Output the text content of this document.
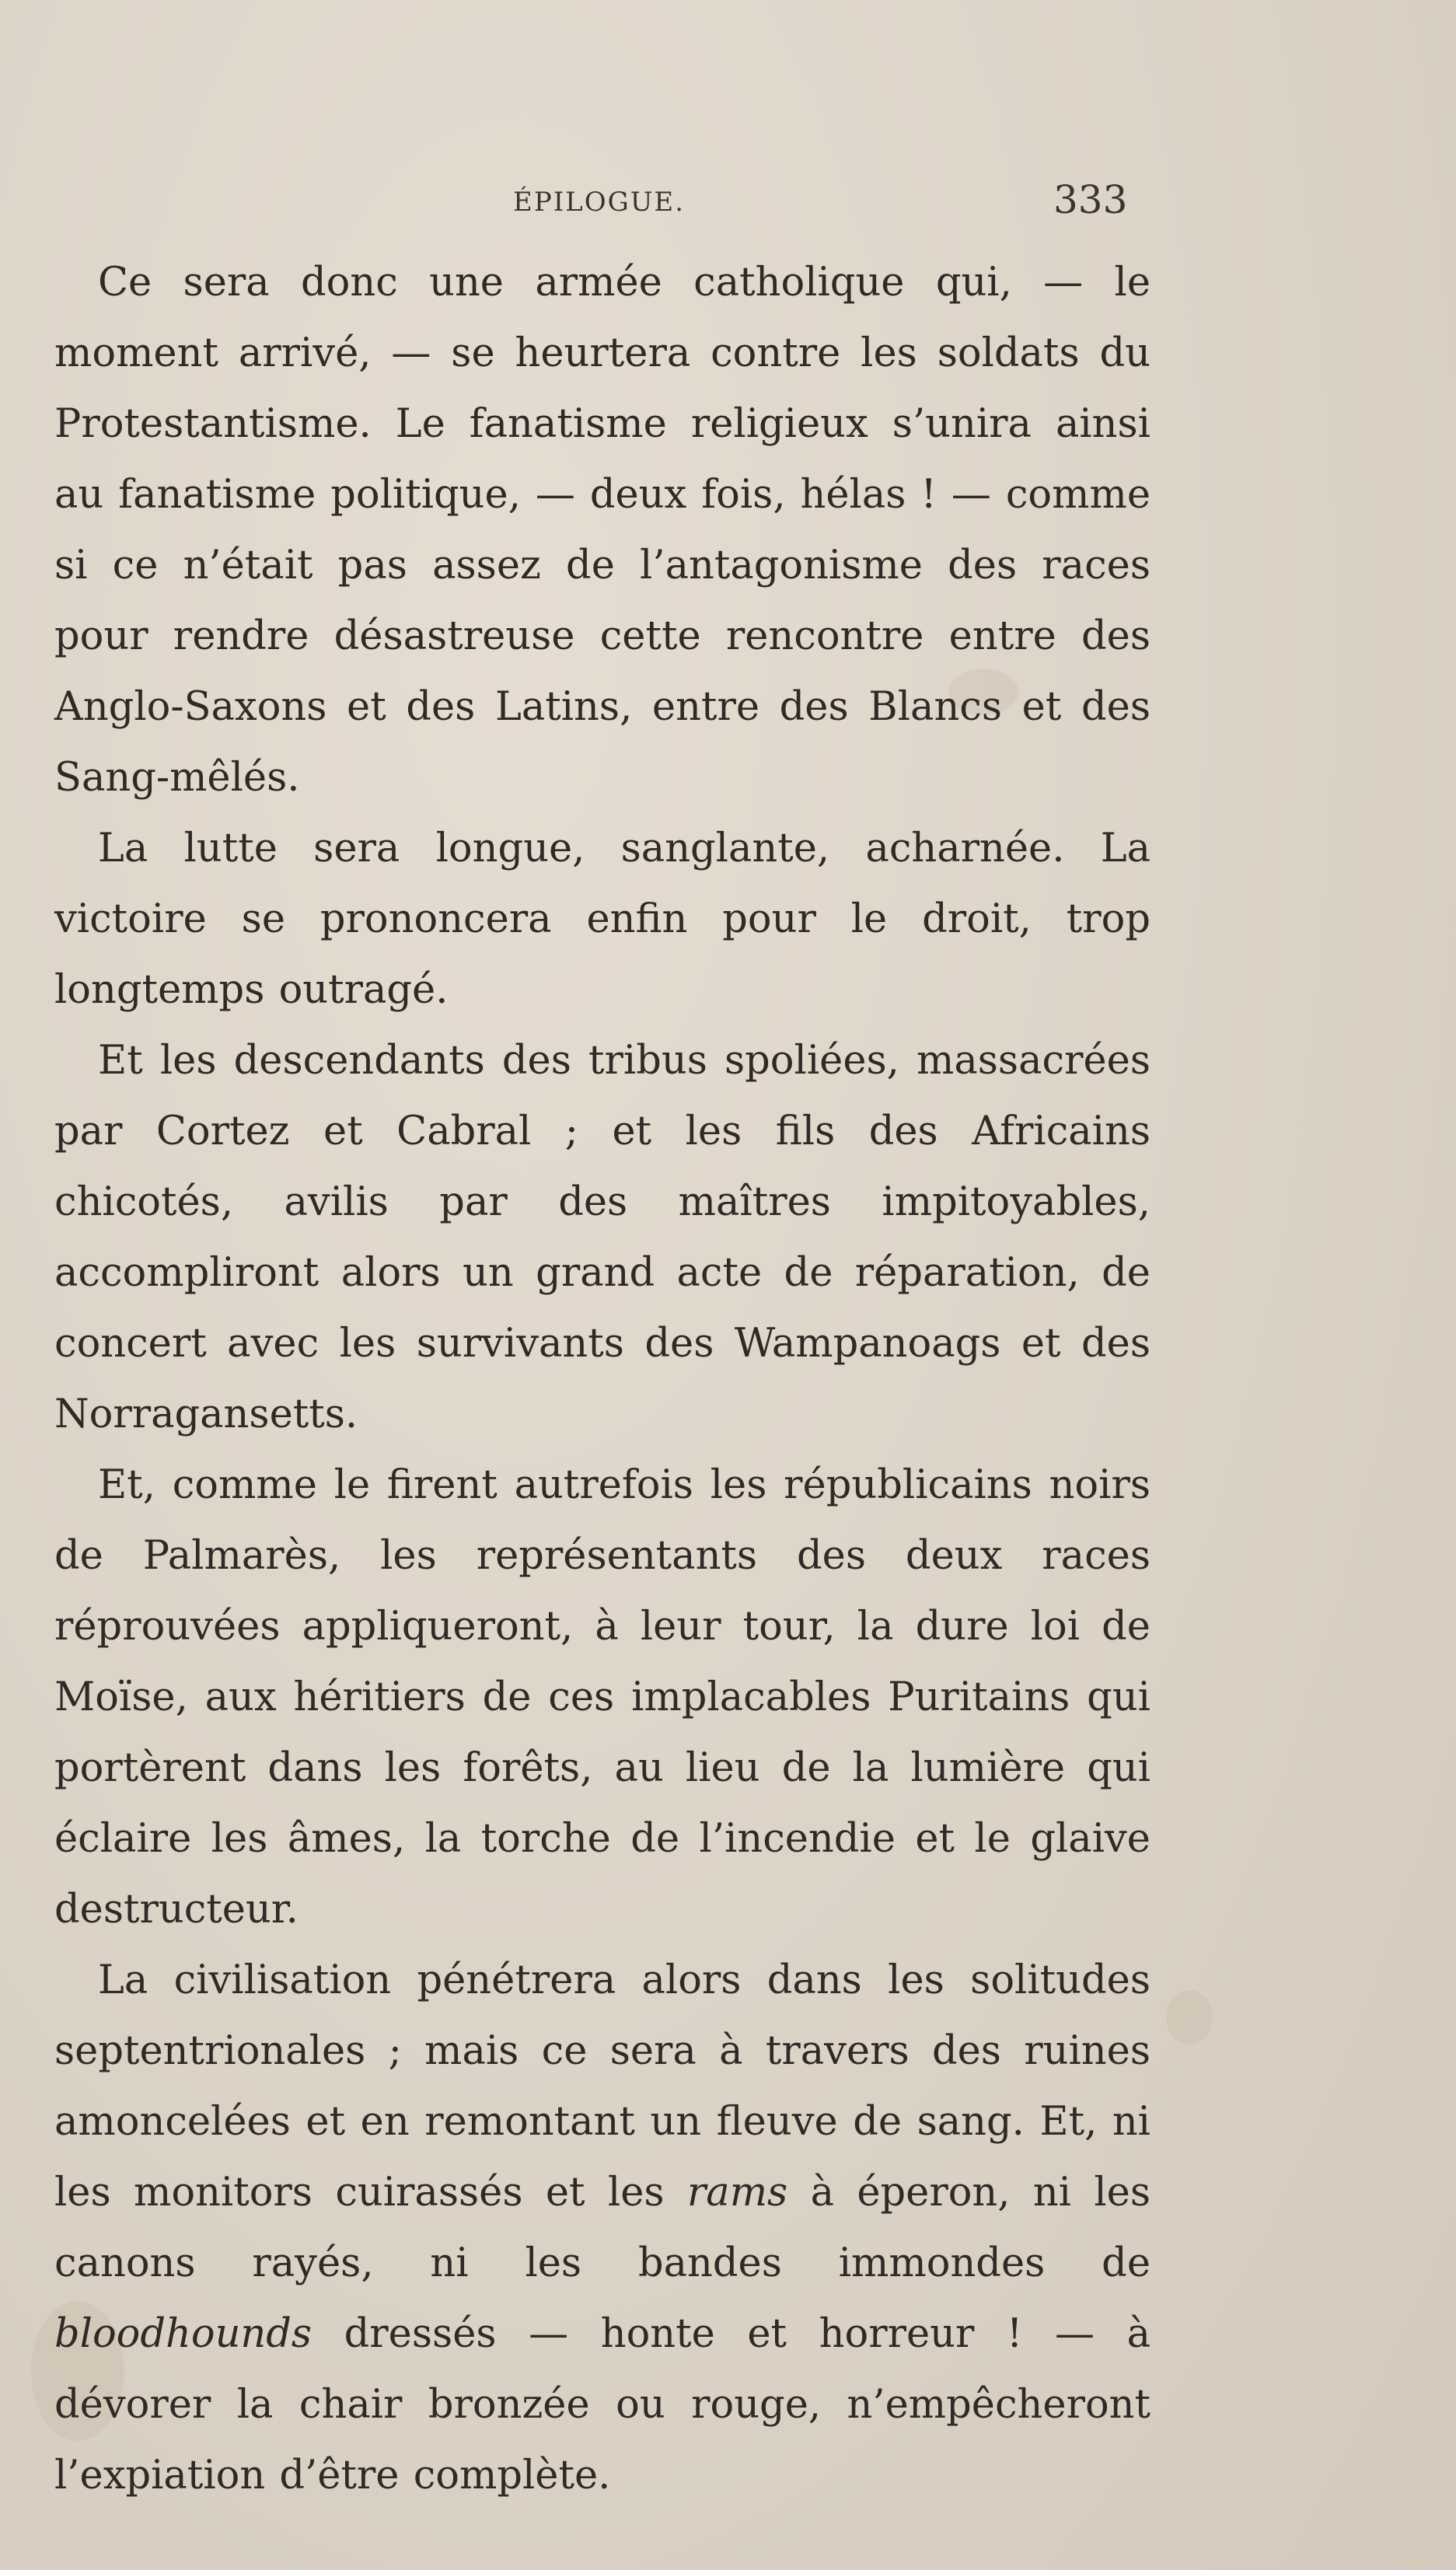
ÉPILOGUE.	333

Ce sera donc une armée catholique qui, — le moment arrivé, — se heurtera contre les soldats du Protestantisme. Le fanatisme religieux s’unira ainsi au fanatisme politique, — deux fois, hélas ! — comme si ce n’était pas assez de l’antagonisme des races pour rendre désastreuse cette rencontre entre des Anglo-Saxons et des Latins, entre des Blancs et des Sang-mêlés.

La lutte sera longue, sanglante, acharnée. La victoire se prononcera enfin pour le droit, trop longtemps outragé.

Et les descendants des tribus spoliées, massacrées par Cortez et Cabral ; et les fils des Africains chicotés, avilis par des maîtres impitoyables, accompliront alors un grand acte de réparation, de concert avec les survivants des Wampanoags et des Norragansetts.

Et, comme le firent autrefois les républicains noirs de Palmarès, les représentants des deux races réprouvées appliqueront, à leur tour, la dure loi de Moïse, aux héritiers de ces implacables Puritains qui portèrent dans les forêts, au lieu de la lumière qui éclaire les âmes, la torche de l’incendie et le glaive destructeur.

La civilisation pénétrera alors dans les solitudes septentrionales ; mais ce sera à travers des ruines amoncelées et en remontant un fleuve de sang. Et, ni les monitors cuirassés et les rams à éperon, ni les canons rayés, ni les bandes immondes de bloodhounds dressés — honte et horreur ! — à dévorer la chair bronzée ou rouge, n’empêcheront l’expiation d’être complète.
